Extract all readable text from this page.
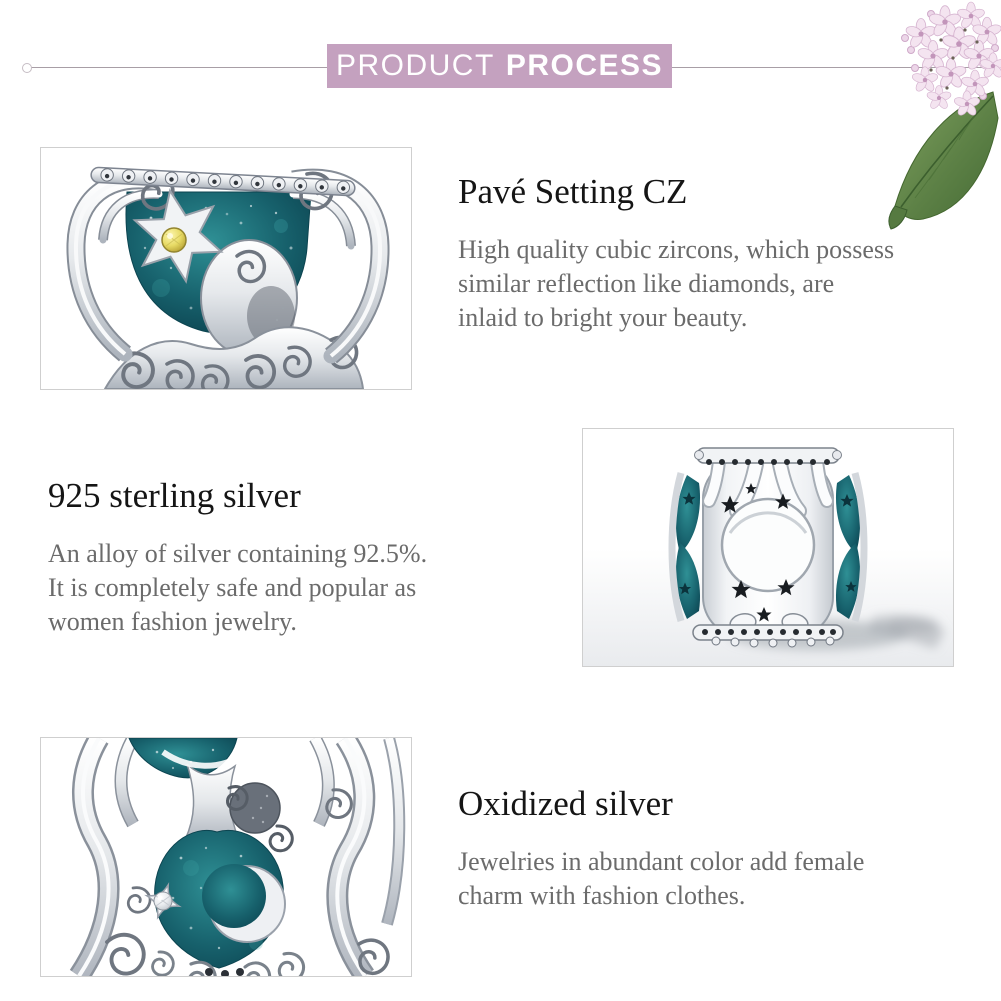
PRODUCT PROCESS
Pavé Setting CZ
High quality cubic zircons, which possess
similar reflection like diamonds, are
inlaid to bright your beauty.
925 sterling silver
An alloy of silver containing 92.5%.
It is completely safe and popular as
women fashion jewelry.
Oxidized silver
Jewelries in abundant color add female
charm with fashion clothes.
